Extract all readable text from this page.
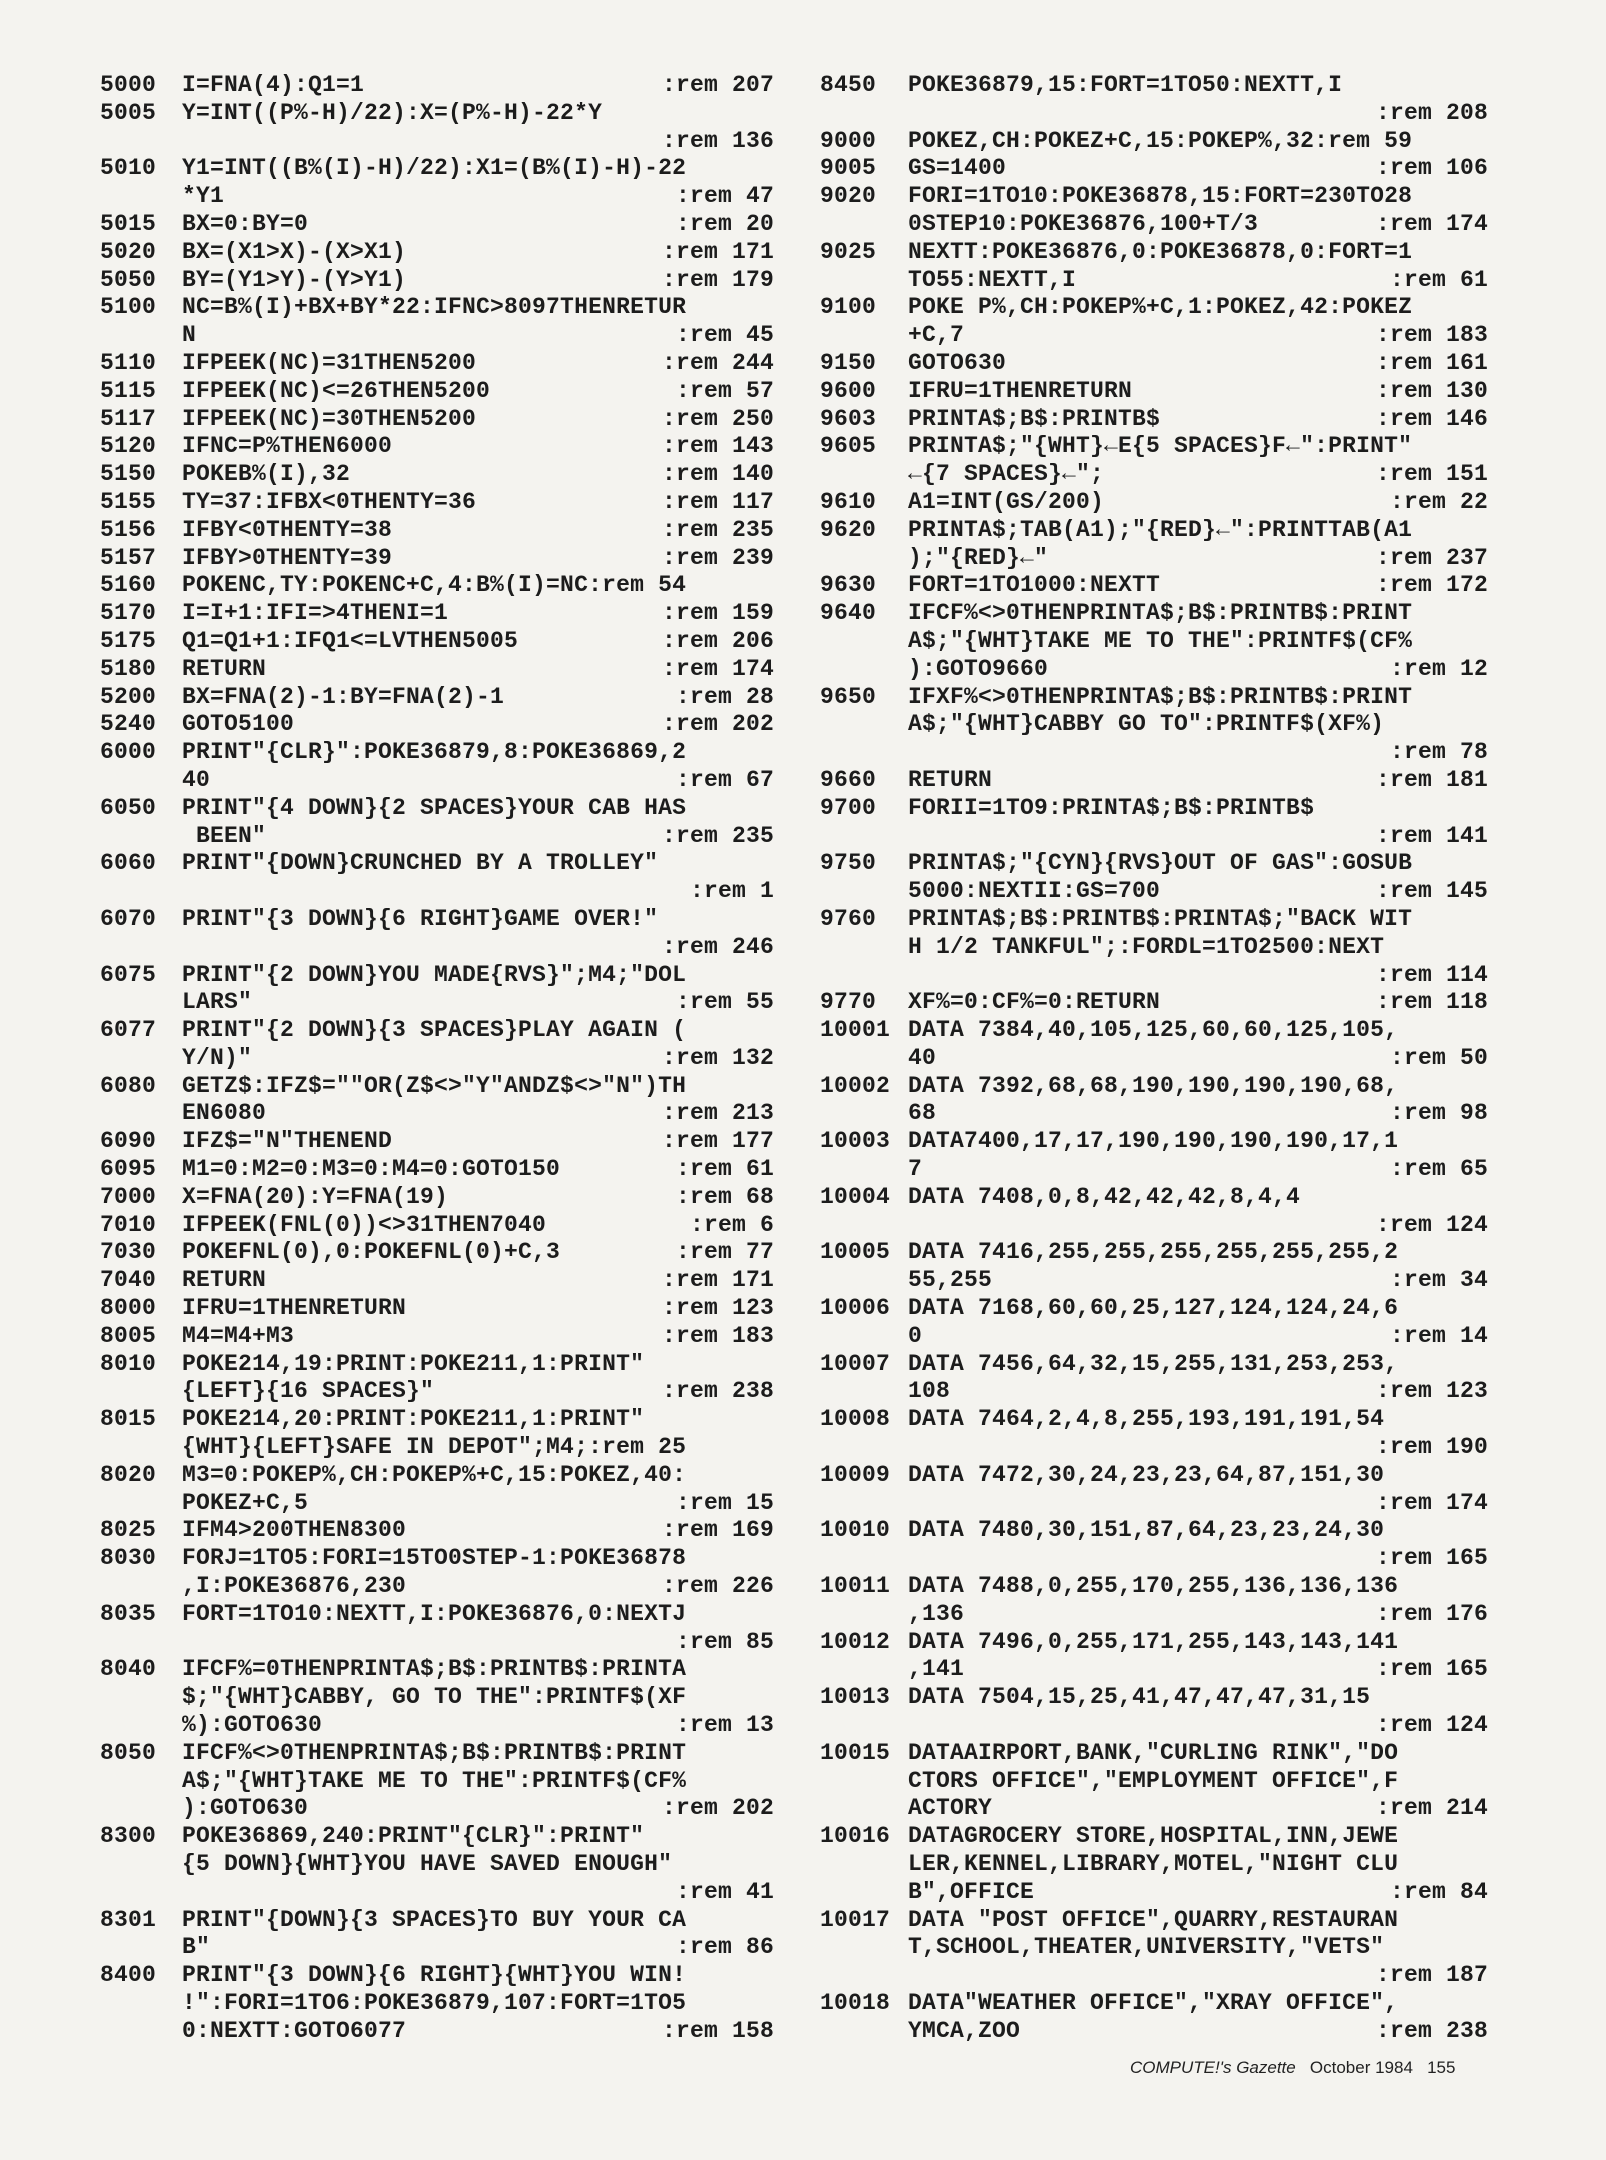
5000 I=FNA(4):Q1=1	:rem 207
5005 Y=INT((P%-H)/22):X=(P%-H)-22*Y
:rem 136
5010 Y1=INT((B%(I)-H)/22):X1=(B%(I)-H)-22
*Y1	:rem 47
5015 BX=0:BY=0	:rem 20
5020 BX=(X1>X)-(X>X1)	:rem 171
5050 BY=(Y1>Y)-(Y>Y1)	:rem 179
5100 NC=B%(I)+BX+BY*22:IFNC>8097THENRETUR
N	:rem 45
5110 IFPEEK(NC)=31THEN5200	:rem 244
5115 IFPEEK(NC)<=26THEN5200	:rem 57
5117 IFPEEK(NC)=30THEN5200	:rem 250
5120 IFNC=P%THEN6000	:rem 143
5150 POKEB%(I),32	:rem 140
5155 TY=37:IFBX<0THENTY=36	:rem 117
5156 IFBY<0THENTY=38	:rem 235
5157 IFBY>0THENTY=39	:rem 239
5160 POKENC,TY:POKENC+C,4:B%(I)=NC:rem 54
5170 I=I+1:IFI=>4THENI=1	:rem 159
5175 Q1=Q1+1:IFQ1<=LVTHEN5005	:rem 206
5180 RETURN	:rem 174
5200 BX=FNA(2)-1:BY=FNA(2)-1	:rem 28
5240 GOTO5100	:rem 202
6000 PRINT"{CLR}":POKE36879,8:POKE36869,2
40	:rem 67
6050 PRINT"{4 DOWN}{2 SPACES}YOUR CAB HAS
BEEN"	:rem 235
6060 PRINT"{DOWN}CRUNCHED BY A TROLLEY"
:rem 1
6070 PRINT"{3 DOWN}{6 RIGHT}GAME OVER!"
:rem 246
6075 PRINT"{2 DOWN}YOU MADE{RVS}";M4;"DOL
LARS"	:rem 55
6077 PRINT"{2 DOWN}{3 SPACES}PLAY AGAIN (
Y/N)"	:rem 132
6080 GETZ$:IFZ$=""OR(Z$<>"Y"ANDZ$<>"N")TH
EN6080	:rem 213
6090 IFZ$="N"THENEND	:rem 177
6095 M1=0:M2=0:M3=0:M4=0:GOTO150	:rem 61
7000 X=FNA(20):Y=FNA(19)	:rem 68
7010 IFPEEK(FNL(0))<>31THEN7040	:rem 6
7030 POKEFNL(0),0:POKEFNL(0)+C,3	:rem 77
7040 RETURN	:rem 171
8000 IFRU=1THENRETURN	:rem 123
8005 M4=M4+M3	:rem 183
8010 POKE214,19:PRINT:POKE211,1:PRINT"
{LEFT}{16 SPACES}"	:rem 238
8015 POKE214,20:PRINT:POKE211,1:PRINT"
{WHT}{LEFT}SAFE IN DEPOT";M4;:rem 25
8020 M3=0:POKEP%,CH:POKEP%+C,15:POKEZ,40:
POKEZ+C,5	:rem 15
8025 IFM4>200THEN8300	:rem 169
8030 FORJ=1TO5:FORI=15TO0STEP-1:POKE36878
,I:POKE36876,230	:rem 226
8035 FORT=1TO10:NEXTT,I:POKE36876,0:NEXTJ
:rem 85
8040 IFCF%=0THENPRINTA$;B$:PRINTB$:PRINTA
$;"{WHT}CABBY, GO TO THE":PRINTF$(XF
%):GOTO630	:rem 13
8050 IFCF%<>0THENPRINTA$;B$:PRINTB$:PRINT
A$;"{WHT}TAKE ME TO THE":PRINTF$(CF%
):GOTO630	:rem 202
8300 POKE36869,240:PRINT"{CLR}":PRINT"
{5 DOWN}{WHT}YOU HAVE SAVED ENOUGH"
:rem 41
8301 PRINT"{DOWN}{3 SPACES}TO BUY YOUR CA
B"	:rem 86
8400 PRINT"{3 DOWN}{6 RIGHT}{WHT}YOU WIN!
!":FORI=1TO6:POKE36879,107:FORT=1TO5
0:NEXTT:GOTO6077	:rem 158
8450 POKE36879,15:FORT=1TO50:NEXTT,I
:rem 208
9000 POKEZ,CH:POKEZ+C,15:POKEP%,32:rem 59
9005 GS=1400	:rem 106
9020 FORI=1TO10:POKE36878,15:FORT=230TO28
0STEP10:POKE36876,100+T/3	:rem 174
9025 NEXTT:POKE36876,0:POKE36878,0:FORT=1
TO55:NEXTT,I	:rem 61
9100 POKE P%,CH:POKEP%+C,1:POKEZ,42:POKEZ
+C,7	:rem 183
9150 GOTO630	:rem 161
9600 IFRU=1THENRETURN	:rem 130
9603 PRINTA$;B$:PRINTB$	:rem 146
9605 PRINTA$;"{WHT}←E{5 SPACES}F←":PRINT"
←{7 SPACES}←";	:rem 151
9610 A1=INT(GS/200)	:rem 22
9620 PRINTA$;TAB(A1);"{RED}←":PRINTTAB(A1
);"{RED}←"	:rem 237
9630 FORT=1TO1000:NEXTT	:rem 172
9640 IFCF%<>0THENPRINTA$;B$:PRINTB$:PRINT
A$;"{WHT}TAKE ME TO THE":PRINTF$(CF%
):GOTO9660	:rem 12
9650 IFXF%<>0THENPRINTA$;B$:PRINTB$:PRINT
A$;"{WHT}CABBY GO TO":PRINTF$(XF%)
:rem 78
9660 RETURN	:rem 181
9700 FORII=1TO9:PRINTA$;B$:PRINTB$
:rem 141
9750 PRINTA$;"{CYN}{RVS}OUT OF GAS":GOSUB
5000:NEXTII:GS=700	:rem 145
9760 PRINTA$;B$:PRINTB$:PRINTA$;"BACK WIT
H 1/2 TANKFUL";:FORDL=1TO2500:NEXT
:rem 114
9770 XF%=0:CF%=0:RETURN	:rem 118
10001 DATA 7384,40,105,125,60,60,125,105,
40	:rem 50
10002 DATA 7392,68,68,190,190,190,190,68,
68	:rem 98
10003 DATA7400,17,17,190,190,190,190,17,1
7	:rem 65
10004 DATA 7408,0,8,42,42,42,8,4,4
:rem 124
10005 DATA 7416,255,255,255,255,255,255,2
55,255	:rem 34
10006 DATA 7168,60,60,25,127,124,124,24,6
0	:rem 14
10007 DATA 7456,64,32,15,255,131,253,253,
108	:rem 123
10008 DATA 7464,2,4,8,255,193,191,191,54
:rem 190
10009 DATA 7472,30,24,23,23,64,87,151,30
:rem 174
10010 DATA 7480,30,151,87,64,23,23,24,30
:rem 165
10011 DATA 7488,0,255,170,255,136,136,136
,136	:rem 176
10012 DATA 7496,0,255,171,255,143,143,141
,141	:rem 165
10013 DATA 7504,15,25,41,47,47,47,31,15
:rem 124
10015 DATAAIRPORT,BANK,"CURLING RINK","DO
CTORS OFFICE","EMPLOYMENT OFFICE",F
ACTORY	:rem 214
10016 DATAGROCERY STORE,HOSPITAL,INN,JEWE
LER,KENNEL,LIBRARY,MOTEL,"NIGHT CLU
B",OFFICE	:rem 84
10017 DATA "POST OFFICE",QUARRY,RESTAURAN
T,SCHOOL,THEATER,UNIVERSITY,"VETS"
:rem 187
10018 DATA"WEATHER OFFICE","XRAY OFFICE",
YMCA,ZOO	:rem 238
COMPUTE!'s Gazette October 1984 155
